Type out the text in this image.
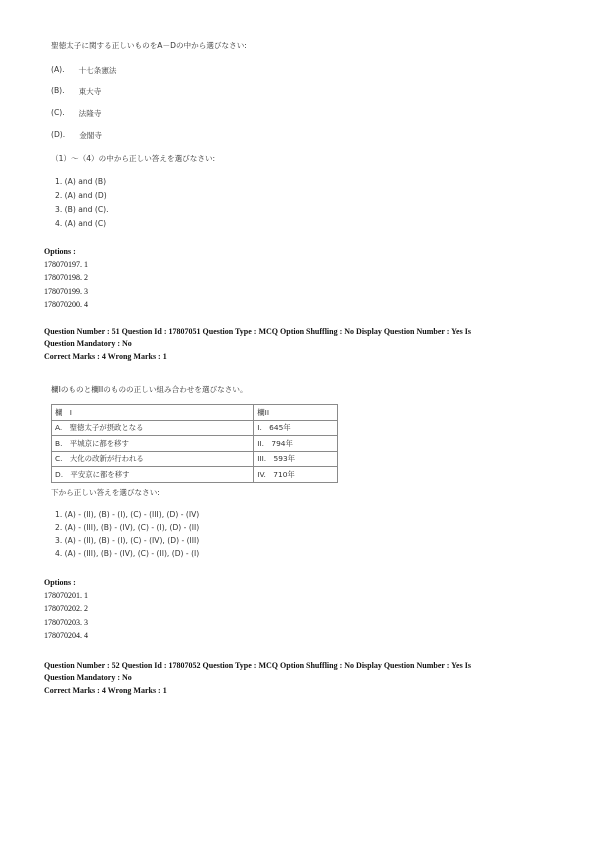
聖徳太子に関する正しいものをA－Dの中から選びなさい:
(A). 十七条憲法
(B). 東大寺
(C). 法隆寺
(D). 金閣寺
（1）～（4）の中から正しい答えを選びなさい:
1. (A) and (B)
2. (A) and (D)
3. (B) and (C).
4. (A) and (C)
Options :
178070197. 1
178070198. 2
178070199. 3
178070200. 4
Question Number : 51 Question Id : 17807051 Question Type : MCQ Option Shuffling : No Display Question Number : Yes Is
Question Mandatory : No
Correct Marks : 4 Wrong Marks : 1
欄Iのものと欄IIのものの正しい組み合わせを選びなさい。
欄　I	欄II
A.　聖徳太子が摂政となる	I.　645年
B.　平城京に都を移す	II.　794年
C.　大化の改新が行われる	III.　593年
D.　平安京に都を移す	IV.　710年
下から正しい答えを選びなさい:
1. (A) - (II), (B) - (I), (C) - (III), (D) - (IV)
2. (A) - (III), (B) - (IV), (C) - (I), (D) - (II)
3. (A) - (II), (B) - (I), (C) - (IV), (D) - (III)
4. (A) - (III), (B) - (IV), (C) - (II), (D) - (I)
Options :
178070201. 1
178070202. 2
178070203. 3
178070204. 4
Question Number : 52 Question Id : 17807052 Question Type : MCQ Option Shuffling : No Display Question Number : Yes Is
Question Mandatory : No
Correct Marks : 4 Wrong Marks : 1
